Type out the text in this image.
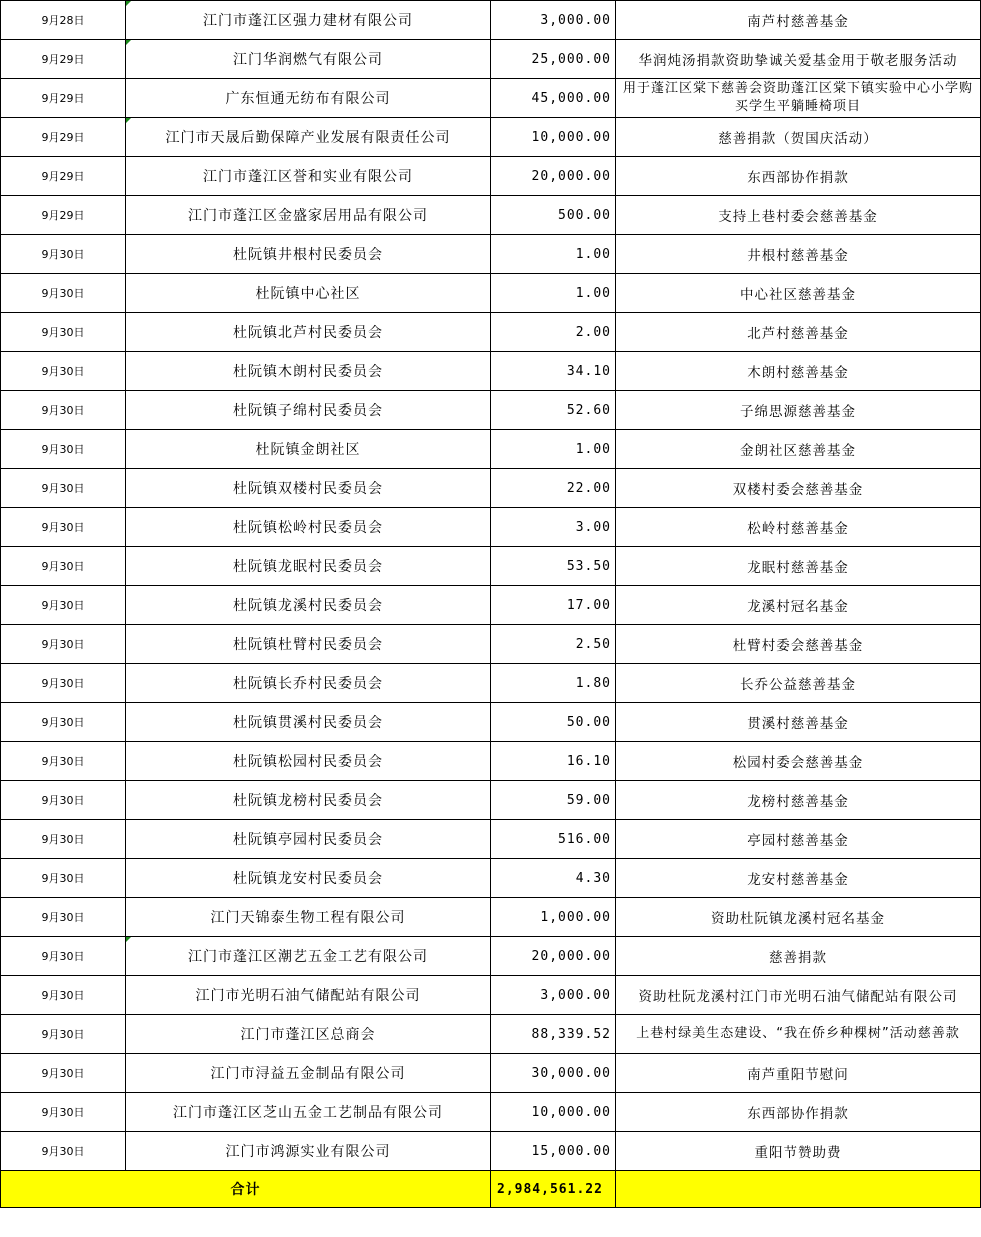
9月28日	江门市蓬江区强力建材有限公司	3,000.00	南芦村慈善基金
9月29日	江门华润燃气有限公司	25,000.00	华润炖汤捐款资助挚诚关爱基金用于敬老服务活动
9月29日	广东恒通无纺布有限公司	45,000.00	用于蓬江区棠下慈善会资助蓬江区棠下镇实验中心小学购买学生平躺睡椅项目
9月29日	江门市天晟后勤保障产业发展有限责任公司	10,000.00	慈善捐款（贺国庆活动）
9月29日	江门市蓬江区誉和实业有限公司	20,000.00	东西部协作捐款
9月29日	江门市蓬江区金盛家居用品有限公司	500.00	支持上巷村委会慈善基金
9月30日	杜阮镇井根村民委员会	1.00	井根村慈善基金
9月30日	杜阮镇中心社区	1.00	中心社区慈善基金
9月30日	杜阮镇北芦村民委员会	2.00	北芦村慈善基金
9月30日	杜阮镇木朗村民委员会	34.10	木朗村慈善基金
9月30日	杜阮镇子绵村民委员会	52.60	子绵思源慈善基金
9月30日	杜阮镇金朗社区	1.00	金朗社区慈善基金
9月30日	杜阮镇双楼村民委员会	22.00	双楼村委会慈善基金
9月30日	杜阮镇松岭村民委员会	3.00	松岭村慈善基金
9月30日	杜阮镇龙眠村民委员会	53.50	龙眠村慈善基金
9月30日	杜阮镇龙溪村民委员会	17.00	龙溪村冠名基金
9月30日	杜阮镇杜臂村民委员会	2.50	杜臂村委会慈善基金
9月30日	杜阮镇长乔村民委员会	1.80	长乔公益慈善基金
9月30日	杜阮镇贯溪村民委员会	50.00	贯溪村慈善基金
9月30日	杜阮镇松园村民委员会	16.10	松园村委会慈善基金
9月30日	杜阮镇龙榜村民委员会	59.00	龙榜村慈善基金
9月30日	杜阮镇亭园村民委员会	516.00	亭园村慈善基金
9月30日	杜阮镇龙安村民委员会	4.30	龙安村慈善基金
9月30日	江门天锦泰生物工程有限公司	1,000.00	资助杜阮镇龙溪村冠名基金
9月30日	江门市蓬江区潮艺五金工艺有限公司	20,000.00	慈善捐款
9月30日	江门市光明石油气储配站有限公司	3,000.00	资助杜阮龙溪村江门市光明石油气储配站有限公司
9月30日	江门市蓬江区总商会	88,339.52	上巷村绿美生态建设、“我在侨乡种棵树”活动慈善款
9月30日	江门市浔益五金制品有限公司	30,000.00	南芦重阳节慰问
9月30日	江门市蓬江区芝山五金工艺制品有限公司	10,000.00	东西部协作捐款
9月30日	江门市鸿源实业有限公司	15,000.00	重阳节赞助费
合计		2,984,561.22	
